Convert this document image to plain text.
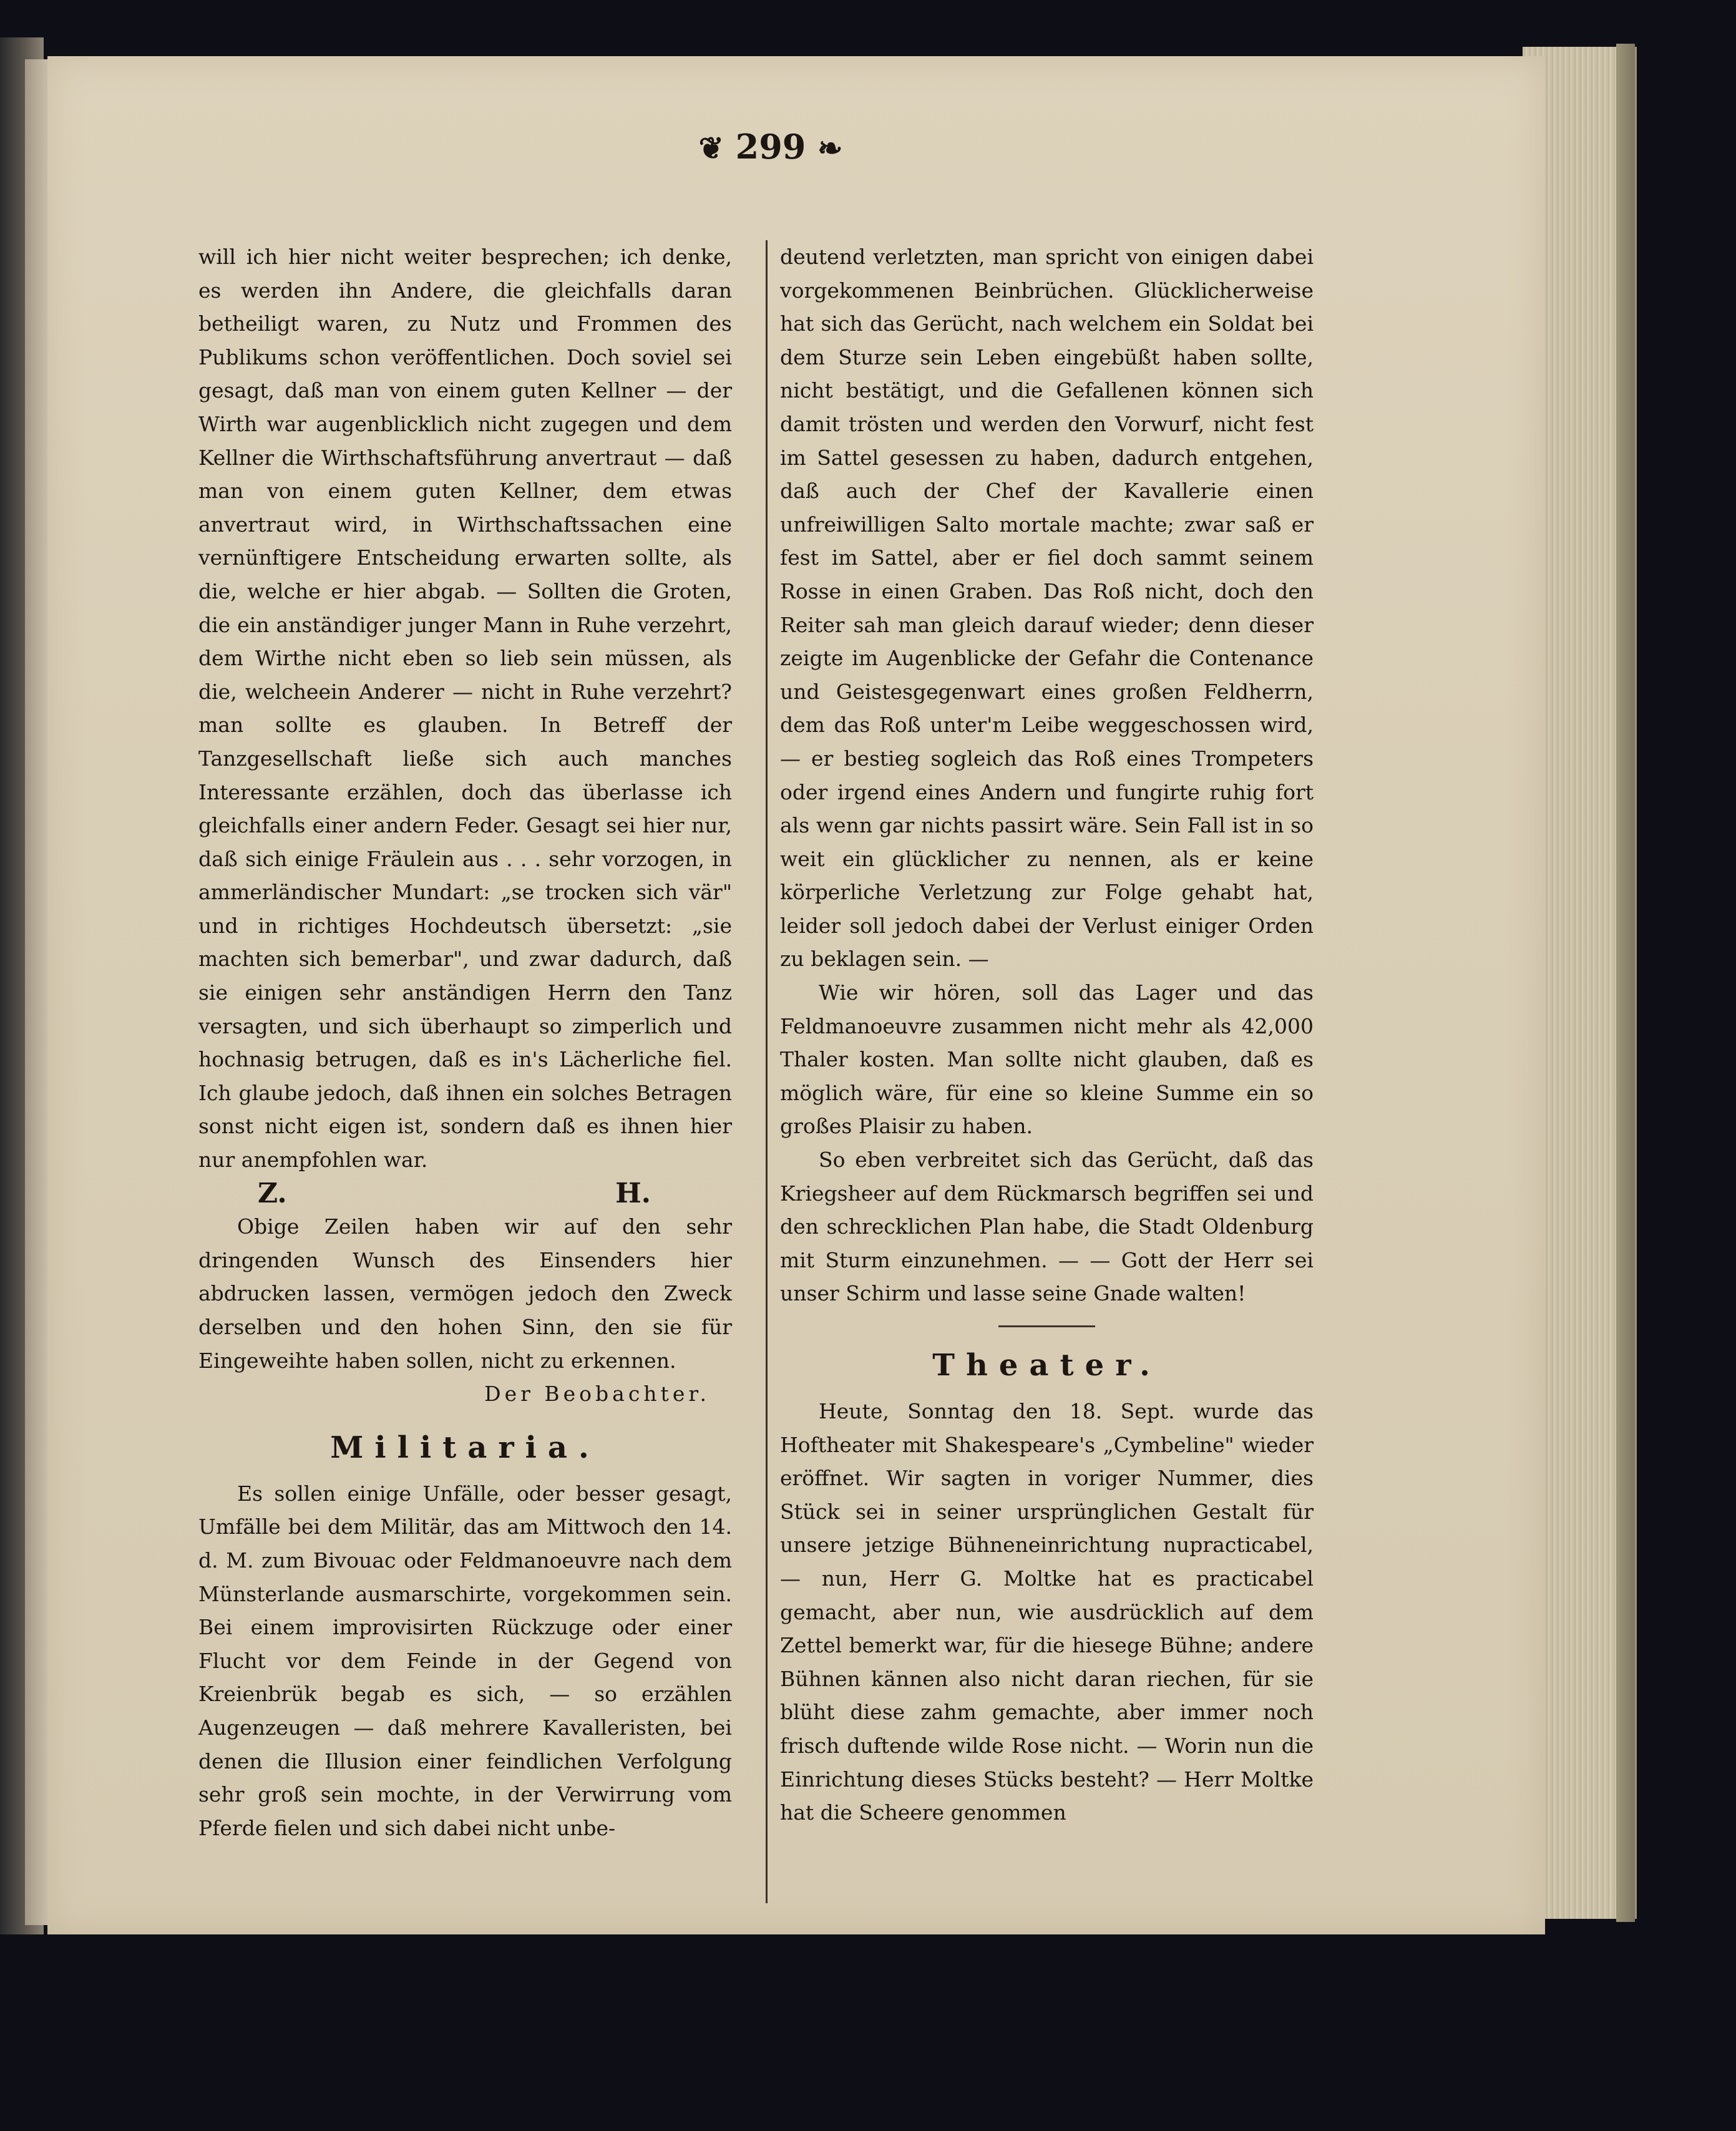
❦ 299 ❧

will ich hier nicht weiter besprechen; ich denke, es werden ihn Andere, die gleichfalls daran betheiligt waren, zu Nutz und Frommen des Publikums schon veröffentlichen. Doch soviel sei gesagt, daß man von einem guten Kellner — der Wirth war augenblicklich nicht zugegen und dem Kellner die Wirthschaftsführung anvertraut — daß man von einem guten Kellner, dem etwas anvertraut wird, in Wirthschaftssachen eine vernünftigere Entscheidung erwarten sollte, als die, welche er hier abgab. — Sollten die Groten, die ein anständiger junger Mann in Ruhe verzehrt, dem Wirthe nicht eben so lieb sein müssen, als die, welcheein Anderer — nicht in Ruhe verzehrt? man sollte es glauben. In Betreff der Tanzgesellschaft ließe sich auch manches Interessante erzählen, doch das überlasse ich gleichfalls einer andern Feder. Gesagt sei hier nur, daß sich einige Fräulein aus . . . sehr vorzogen, in ammerländischer Mundart: „se trocken sich vär" und in richtiges Hochdeutsch übersetzt: „sie machten sich bemerbar", und zwar dadurch, daß sie einigen sehr anständigen Herrn den Tanz versagten, und sich überhaupt so zimperlich und hochnasig betrugen, daß es in's Lächerliche fiel. Ich glaube jedoch, daß ihnen ein solches Betragen sonst nicht eigen ist, sondern daß es ihnen hier nur anempfohlen war.

Z.	H.

Obige Zeilen haben wir auf den sehr dringenden Wunsch des Einsenders hier abdrucken lassen, vermögen jedoch den Zweck derselben und den hohen Sinn, den sie für Eingeweihte haben sollen, nicht zu erkennen.

Der Beobachter.

Militaria.

Es sollen einige Unfälle, oder besser gesagt, Umfälle bei dem Militär, das am Mittwoch den 14. d. M. zum Bivouac oder Feldmanoeuvre nach dem Münsterlande ausmarschirte, vorgekommen sein. Bei einem improvisirten Rückzuge oder einer Flucht vor dem Feinde in der Gegend von Kreienbrük begab es sich, — so erzählen Augenzeugen — daß mehrere Kavalleristen, bei denen die Illusion einer feindlichen Verfolgung sehr groß sein mochte, in der Verwirrung vom Pferde fielen und sich dabei nicht unbe-

deutend verletzten, man spricht von einigen dabei vorgekommenen Beinbrüchen. Glücklicherweise hat sich das Gerücht, nach welchem ein Soldat bei dem Sturze sein Leben eingebüßt haben sollte, nicht bestätigt, und die Gefallenen können sich damit trösten und werden den Vorwurf, nicht fest im Sattel gesessen zu haben, dadurch entgehen, daß auch der Chef der Kavallerie einen unfreiwilligen Salto mortale machte; zwar saß er fest im Sattel, aber er fiel doch sammt seinem Rosse in einen Graben. Das Roß nicht, doch den Reiter sah man gleich darauf wieder; denn dieser zeigte im Augenblicke der Gefahr die Contenance und Geistesgegenwart eines großen Feldherrn, dem das Roß unter'm Leibe weggeschossen wird, — er bestieg sogleich das Roß eines Trompeters oder irgend eines Andern und fungirte ruhig fort als wenn gar nichts passirt wäre. Sein Fall ist in so weit ein glücklicher zu nennen, als er keine körperliche Verletzung zur Folge gehabt hat, leider soll jedoch dabei der Verlust einiger Orden zu beklagen sein. —

Wie wir hören, soll das Lager und das Feldmanoeuvre zusammen nicht mehr als 42,000 Thaler kosten. Man sollte nicht glauben, daß es möglich wäre, für eine so kleine Summe ein so großes Plaisir zu haben.

So eben verbreitet sich das Gerücht, daß das Kriegsheer auf dem Rückmarsch begriffen sei und den schrecklichen Plan habe, die Stadt Oldenburg mit Sturm einzunehmen. — — Gott der Herr sei unser Schirm und lasse seine Gnade walten!

Theater.

Heute, Sonntag den 18. Sept. wurde das Hoftheater mit Shakespeare's „Cymbeline" wieder eröffnet. Wir sagten in voriger Nummer, dies Stück sei in seiner ursprünglichen Gestalt für unsere jetzige Bühneneinrichtung nupracticabel, — nun, Herr G. Moltke hat es practicabel gemacht, aber nun, wie ausdrücklich auf dem Zettel bemerkt war, für die hiesege Bühne; andere Bühnen kännen also nicht daran riechen, für sie blüht diese zahm gemachte, aber immer noch frisch duftende wilde Rose nicht. — Worin nun die Einrichtung dieses Stücks besteht? — Herr Moltke hat die Scheere genommen
